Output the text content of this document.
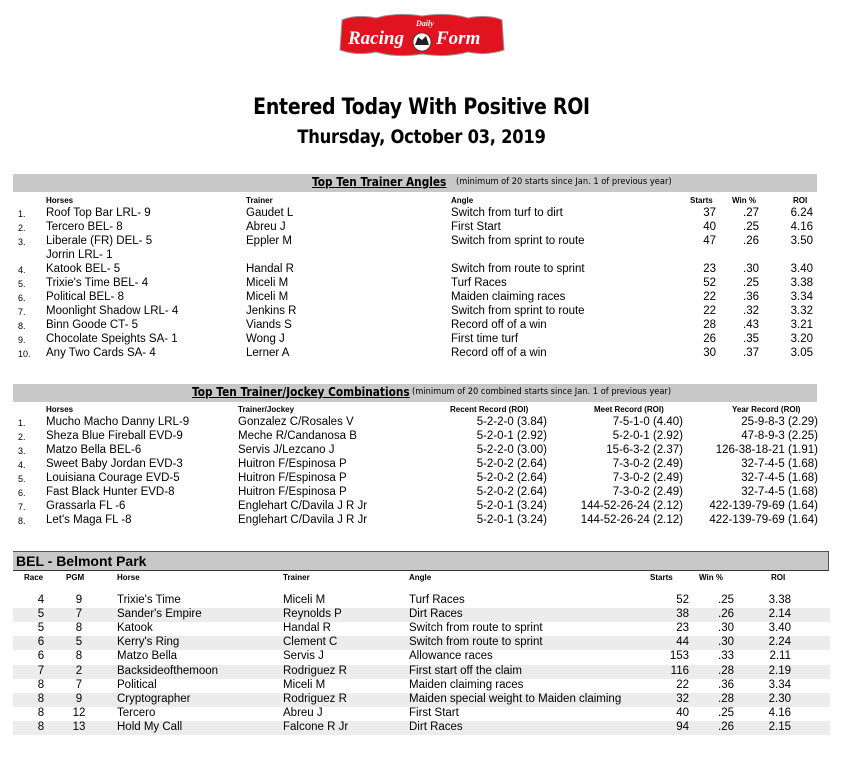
Racing
Daily
Form
Entered Today With Positive ROI
Thursday, October 03, 2019
Top Ten Trainer Angles (minimum of 20 starts since Jan. 1 of previous year)
Horses	Trainer	Angle	Starts Win %	ROI
1. Roof Top Bar LRL- 9	Gaudet L	Switch from turf to dirt	37 .27	6.24
2. Tercero BEL- 8	Abreu J	First Start	40 .25	4.16
3. Liberale (FR) DEL- 5	Eppler M	Switch from sprint to route	47 .26	3.50
Jorrin LRL- 1
4. Katook BEL- 5	Handal R	Switch from route to sprint	23 .30	3.40
5. Trixie's Time BEL- 4	Miceli M	Turf Races	52 .25	3.38
6. Political BEL- 8	Miceli M	Maiden claiming races	22 .36	3.34
7. Moonlight Shadow LRL- 4	Jenkins R	Switch from sprint to route	22 .32	3.32
8. Binn Goode CT- 5	Viands S	Record off of a win	28 .43	3.21
9. Chocolate Speights SA- 1	Wong J	First time turf	26 .35	3.20
10. Any Two Cards SA- 4	Lerner A	Record off of a win	30 .37	3.05
Top Ten Trainer/Jockey Combinations (minimum of 20 combined starts since Jan. 1 of previous year)
Horses	Trainer/Jockey	Recent Record (ROI)	Meet Record (ROI)	Year Record (ROI)
1. Mucho Macho Danny LRL-9	Gonzalez C/Rosales V	5-2-2-0 (3.84)	7-5-1-0 (4.40)	25-9-8-3 (2.29)
2. Sheza Blue Fireball EVD-9	Meche R/Candanosa B	5-2-0-1 (2.92)	5-2-0-1 (2.92)	47-8-9-3 (2.25)
3. Matzo Bella BEL-6	Servis J/Lezcano J	5-2-2-0 (3.00)	15-6-3-2 (2.37)	126-38-18-21 (1.91)
4. Sweet Baby Jordan EVD-3	Huitron F/Espinosa P	5-2-0-2 (2.64)	7-3-0-2 (2.49)	32-7-4-5 (1.68)
5. Louisiana Courage EVD-5	Huitron F/Espinosa P	5-2-0-2 (2.64)	7-3-0-2 (2.49)	32-7-4-5 (1.68)
6. Fast Black Hunter EVD-8	Huitron F/Espinosa P	5-2-0-2 (2.64)	7-3-0-2 (2.49)	32-7-4-5 (1.68)
7. Grassarla FL -6	Englehart C/Davila J R Jr	5-2-0-1 (3.24)	144-52-26-24 (2.12) 422-139-79-69 (1.64)
8. Let's Maga FL -8	Englehart C/Davila J R Jr	5-2-0-1 (3.24)	144-52-26-24 (2.12) 422-139-79-69 (1.64)
BEL - Belmont Park
Race	PGM	Horse	Trainer	Angle	Starts	Win %	ROI
4	9	Trixie's Time	Miceli M	Turf Races	52	.25	3.38
5	7	Sander's Empire	Reynolds P	Dirt Races	38	.26	2.14
5	8	Katook	Handal R	Switch from route to sprint	23	.30	3.40
6	5	Kerry's Ring	Clement C	Switch from route to sprint	44	.30	2.24
6	8	Matzo Bella	Servis J	Allowance races	153	.33	2.11
7	2	Backsideofthemoon	Rodriguez R	First start off the claim	116	.28	2.19
8	7	Political	Miceli M	Maiden claiming races	22	.36	3.34
8	9	Cryptographer	Rodriguez R	Maiden special weight to Maiden claiming	32	.28	2.30
8	12	Tercero	Abreu J	First Start	40	.25	4.16
8	13	Hold My Call	Falcone R Jr	Dirt Races	94	.26	2.15
